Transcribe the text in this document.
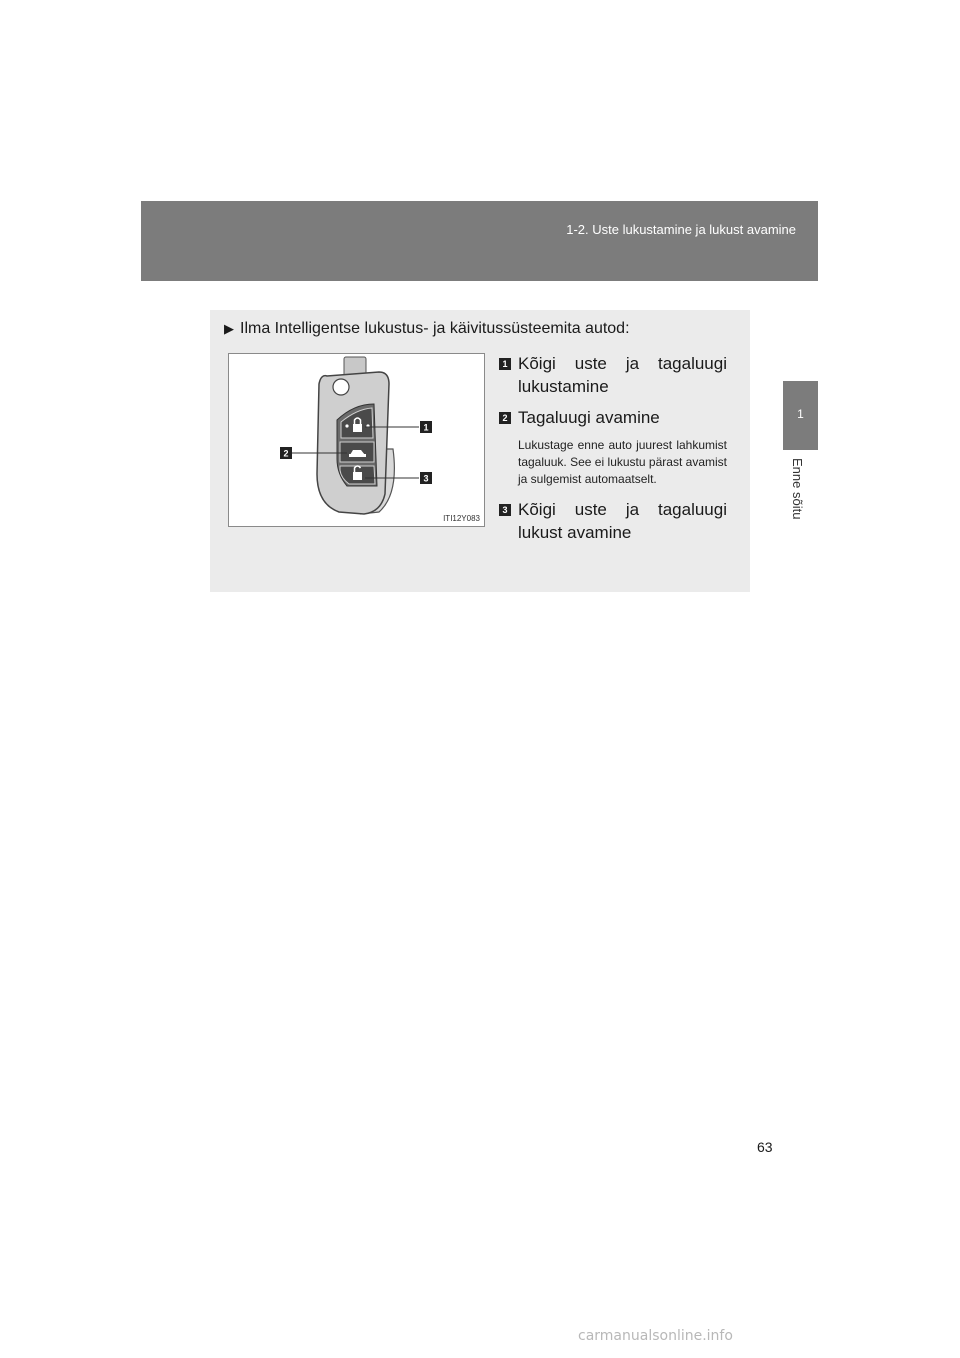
1-2. Uste lukustamine ja lukust avamine
1
Enne sõitu
▶ Ilma Intelligentse lukustus- ja käivitussüsteemita autod:
1
2
3
ITI12Y083
1 Kõigi uste ja tagaluugi lukustamine
2 Tagaluugi avamine
Lukustage enne auto juurest lahkumist tagaluuk. See ei lukustu pärast avamist ja sulgemist automaatselt.
3 Kõigi uste ja tagaluugi lukust avamine
63
carmanualsonline.info
